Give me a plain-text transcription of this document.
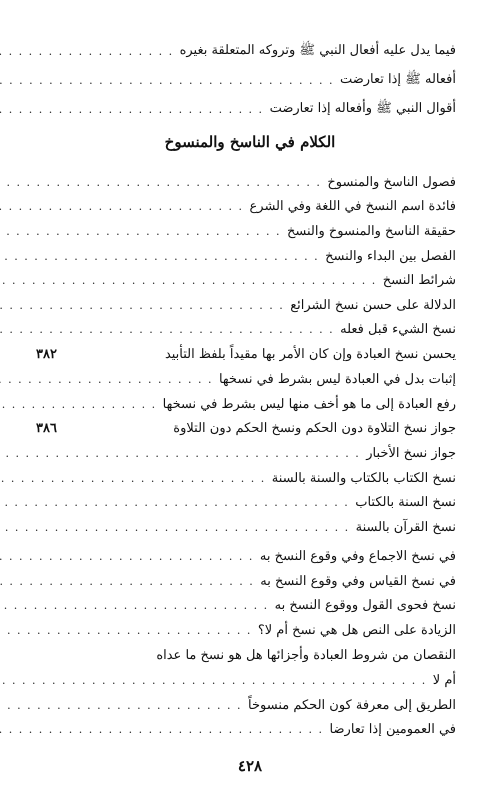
فيما يدل عليه أفعال النبي ﷺ وتروكه المتعلقة بغيره
. . .
أفعاله ﷺ إذا تعارضت
. . .
أقوال النبي ﷺ وأفعاله إذا تعارضت
. . .
الكلام في الناسخ والمنسوخ
فصول الناسخ والمنسوخ
. . .
فائدة اسم النسخ في اللغة وفي الشرع
. . .
حقيقة الناسخ والمنسوخ والنسخ
. . .
الفصل بين البداء والنسخ
. . .
شرائط النسخ
. . .
الدلالة على حسن نسخ الشرائع
. . .
نسخ الشيء قبل فعله
. . .
يحسن نسخ العبادة وإن كان الأمر بها مقيداً بلفظ التأبيد
٣٨٢
إثبات بدل في العبادة ليس بشرط في نسخها
. . .
رفع العبادة إلى ما هو أخف منها ليس بشرط في نسخها
. . .
جواز نسخ التلاوة دون الحكم ونسخ الحكم دون التلاوة
٣٨٦
جواز نسخ الأخبار
. . .
نسخ الكتاب بالكتاب والسنة بالسنة
. . .
نسخ السنة بالكتاب
. . .
نسخ القرآن بالسنة
. . .
في نسخ الاجماع وفي وقوع النسخ به
. . .
في نسخ القياس وفي وقوع النسخ به
. . .
نسخ فحوى القول ووقوع النسخ به
. . .
الزيادة على النص هل هي نسخ أم لا؟
. . .
النقصان من شروط العبادة وأجزائها هل هو نسخ ما عداه
أم لا
. . .
الطريق إلى معرفة كون الحكم منسوخاً
. . .
في العمومين إذا تعارضا
. . .
٤٢٨
